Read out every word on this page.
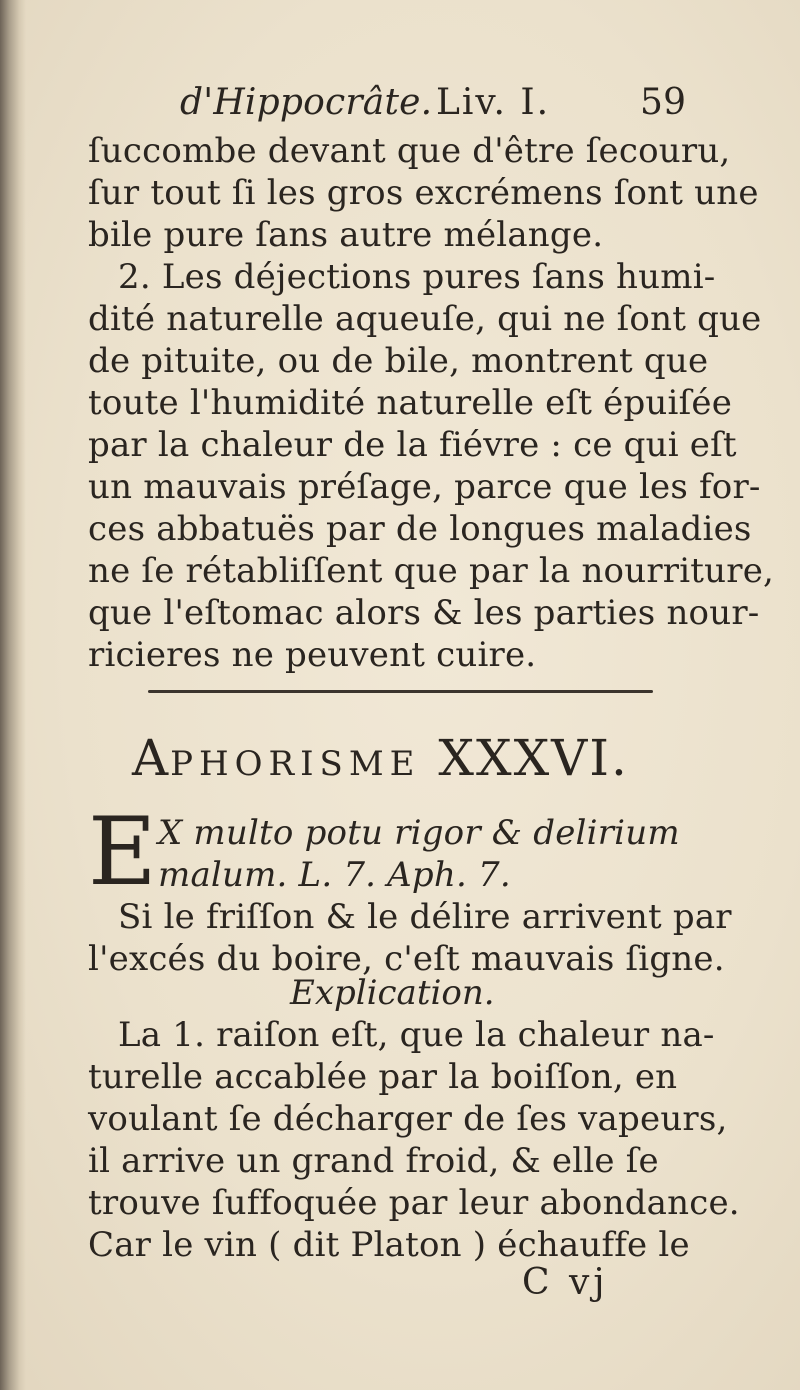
d'Hippocrâte. Liv. I. 59
ſuccombe devant que d'être ſecouru,
ſur tout ſi les gros excrémens ſont une
bile pure ſans autre mélange.
2. Les déjections pures ſans humi-
dité naturelle aqueuſe, qui ne ſont que
de pituite, ou de bile, montrent que
toute l'humidité naturelle eſt épuiſée
par la chaleur de la fiévre : ce qui eſt
un mauvais préſage, parce que les for-
ces abbatuës par de longues maladies
ne ſe rétabliſſent que par la nourriture,
que l'eſtomac alors & les parties nour-
ricieres ne peuvent cuire.
APHORISME XXXVI.
E X multo potu rigor & delirium
malum. L. 7. Aph. 7.
Si le friſſon & le délire arrivent par
l'excés du boire, c'eſt mauvais ſigne.
Explication.
La 1. raiſon eſt, que la chaleur na-
turelle accablée par la boiſſon, en
voulant ſe décharger de ſes vapeurs,
il arrive un grand froid, & elle ſe
trouve ſuffoquée par leur abondance.
Car le vin ( dit Platon ) échauffe le
C vj
